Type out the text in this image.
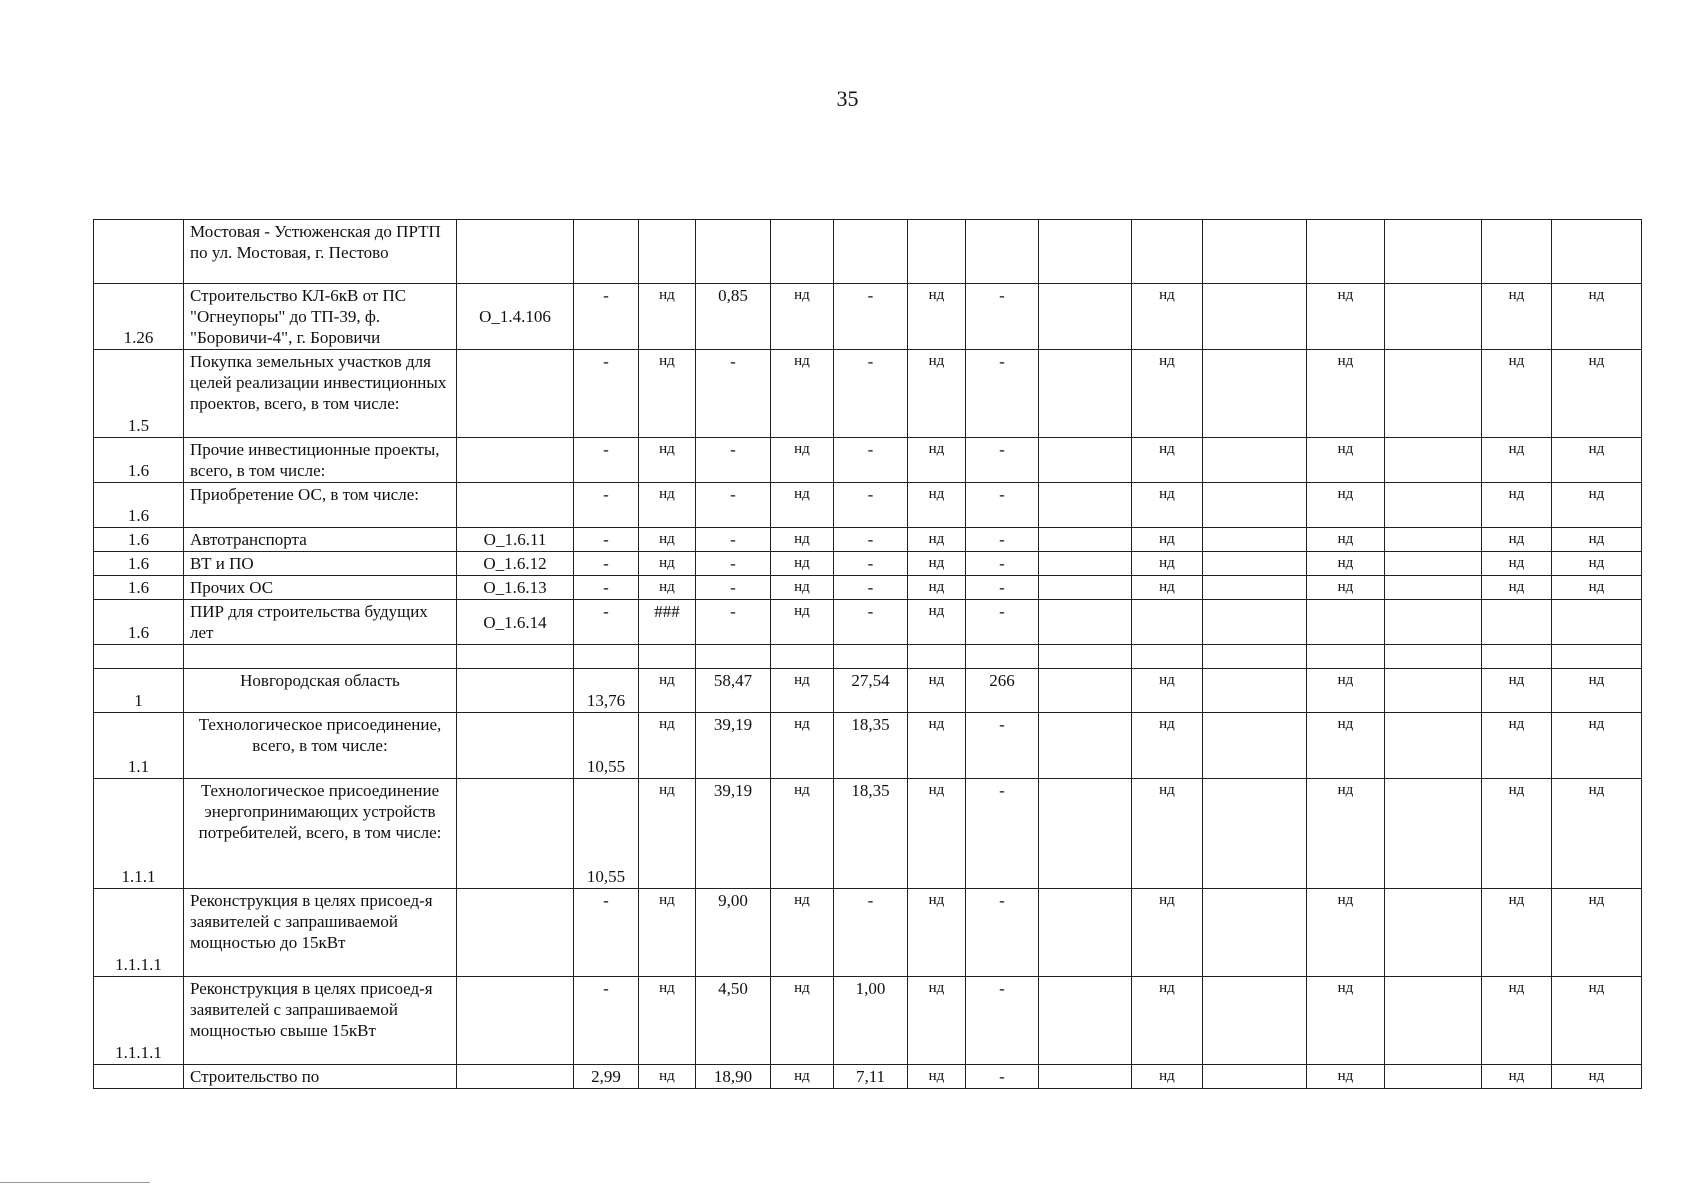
35
	Мостовая - Устюженская до ПРТП по ул. Мостовая, г. Пестово															
1.26	Строительство КЛ-6кВ от ПС "Огнеупоры" до ТП-39, ф. "Боровичи-4", г. Боровичи	О_1.4.106	-	нд	0,85	нд	-	нд	-		нд		нд		нд	нд
1.5	Покупка земельных участков для целей реализации инвестиционных проектов, всего, в том числе:		-	нд	-	нд	-	нд	-		нд		нд		нд	нд
1.6	Прочие инвестиционные проекты, всего, в том числе:		-	нд	-	нд	-	нд	-		нд		нд		нд	нд
1.6	Приобретение ОС, в том числе:		-	нд	-	нд	-	нд	-		нд		нд		нд	нд
1.6	Автотранспорта	О_1.6.11	-	нд	-	нд	-	нд	-		нд		нд		нд	нд
1.6	ВТ и ПО	О_1.6.12	-	нд	-	нд	-	нд	-		нд		нд		нд	нд
1.6	Прочих ОС	О_1.6.13	-	нд	-	нд	-	нд	-		нд		нд		нд	нд
1.6	ПИР для строительства будущих лет	О_1.6.14	-	###	-	нд	-	нд	-							

1	Новгородская область		13,76	нд	58,47	нд	27,54	нд	266		нд		нд		нд	нд
1.1	Технологическое присоединение, всего, в том числе:		10,55	нд	39,19	нд	18,35	нд	-		нд		нд		нд	нд
1.1.1	Технологическое присоединение энергопринимающих устройств потребителей, всего, в том числе:		10,55	нд	39,19	нд	18,35	нд	-		нд		нд		нд	нд
1.1.1.1	Реконструкция в целях присоед-я заявителей с запрашиваемой мощностью до 15кВт		-	нд	9,00	нд	-	нд	-		нд		нд		нд	нд
1.1.1.1	Реконструкция в целях присоед-я заявителей с запрашиваемой мощностью свыше 15кВт		-	нд	4,50	нд	1,00	нд	-		нд		нд		нд	нд
	Строительство по		2,99	нд	18,90	нд	7,11	нд	-		нд		нд		нд	нд
